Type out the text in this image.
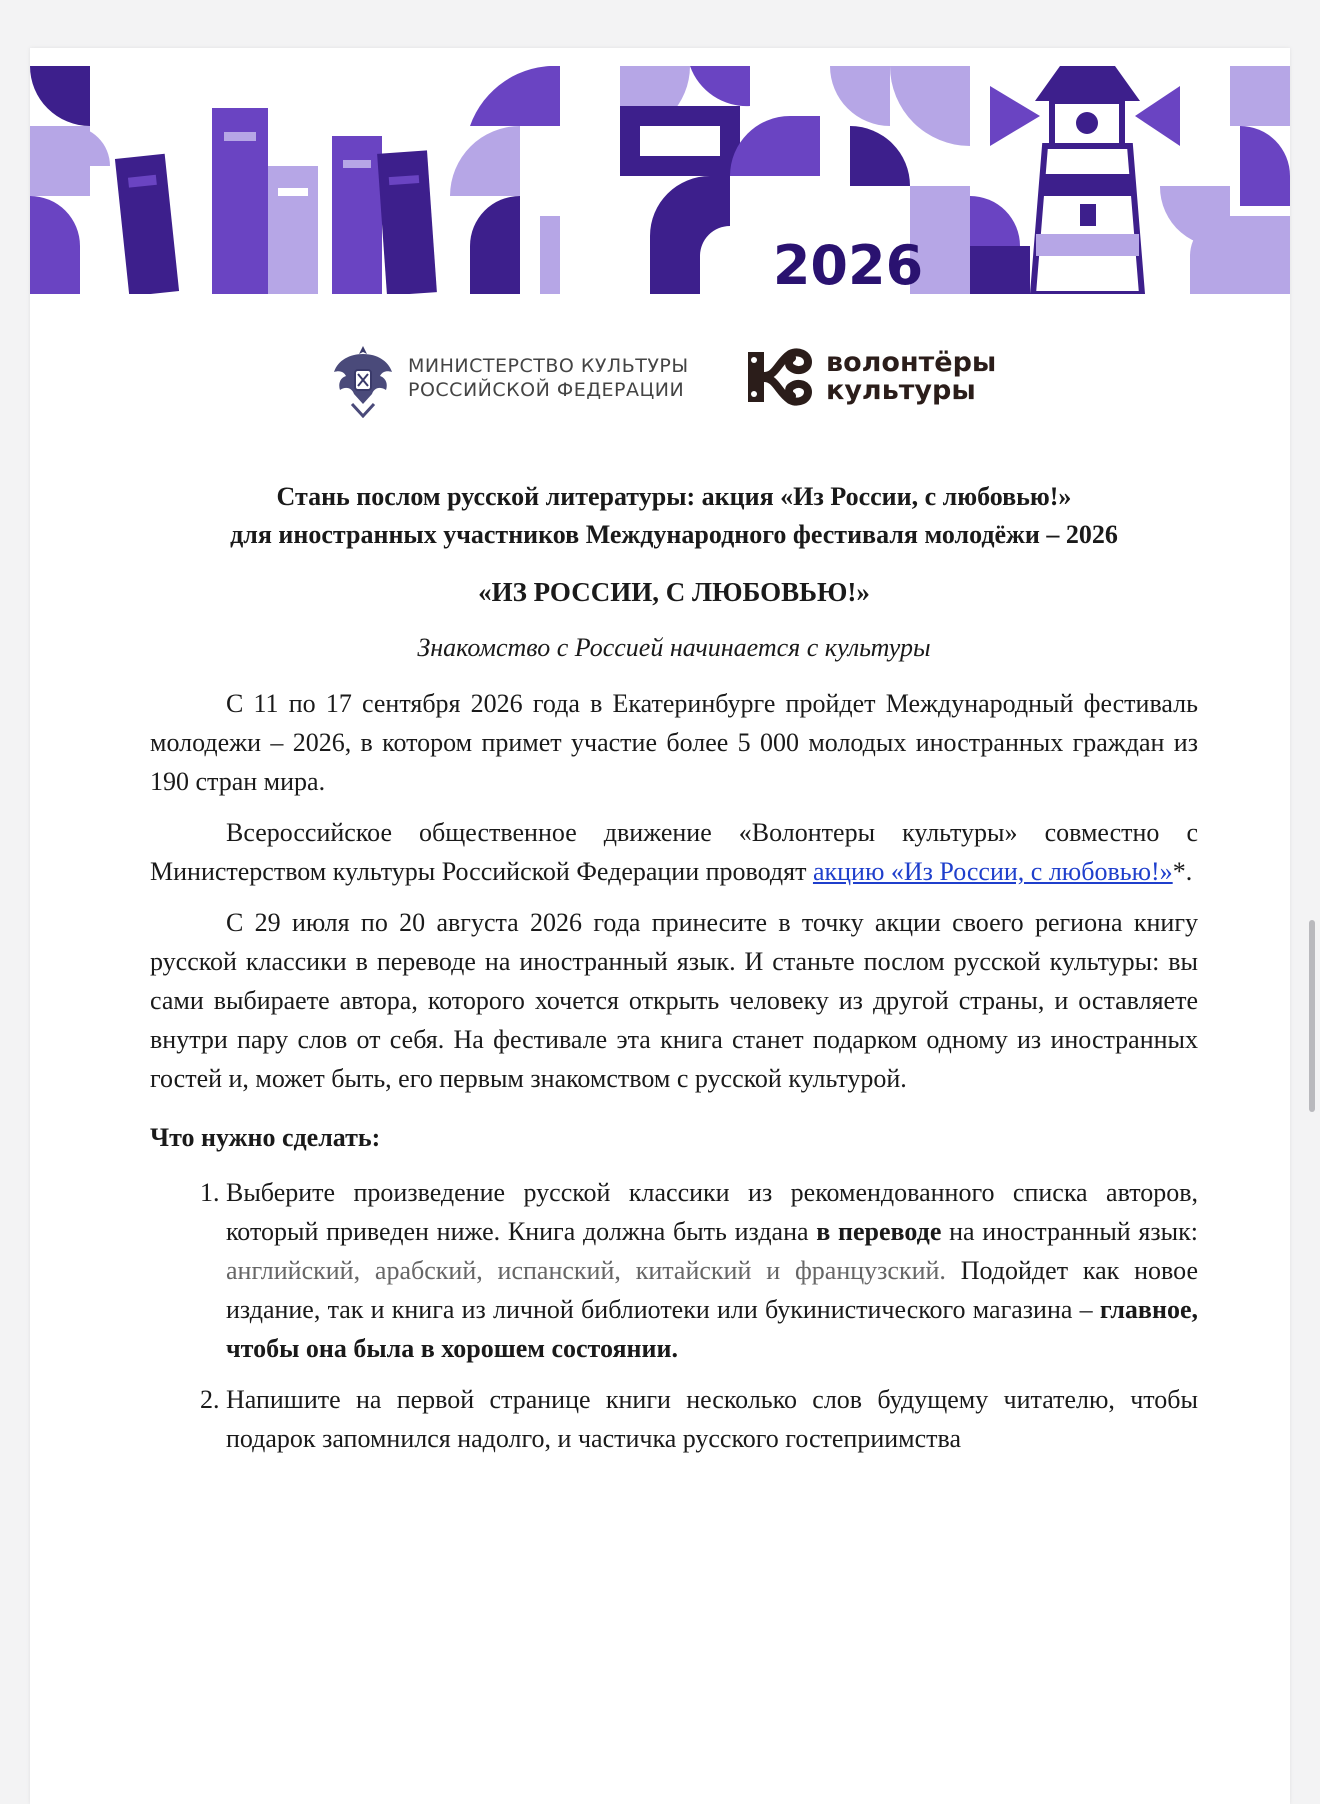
2026
МИНИСТЕРСТВО КУЛЬТУРЫ
РОССИЙСКОЙ ФЕДЕРАЦИИ
волонтёры
культуры

Стань послом русской литературы: акция «Из России, с любовью!»
для иностранных участников Международного фестиваля молодёжи – 2026

«ИЗ РОССИИ, С ЛЮБОВЬЮ!»

Знакомство с Россией начинается с культуры

С 11 по 17 сентября 2026 года в Екатеринбурге пройдет Международный фестиваль молодежи – 2026, в котором примет участие более 5 000 молодых иностранных граждан из 190 стран мира.

Всероссийское общественное движение «Волонтеры культуры» совместно с Министерством культуры Российской Федерации проводят акцию «Из России, с любовью!»*.

С 29 июля по 20 августа 2026 года принесите в точку акции своего региона книгу русской классики в переводе на иностранный язык. И станьте послом русской культуры: вы сами выбираете автора, которого хочется открыть человеку из другой страны, и оставляете внутри пару слов от себя. На фестивале эта книга станет подарком одному из иностранных гостей и, может быть, его первым знакомством с русской культурой.

Что нужно сделать:

1. Выберите произведение русской классики из рекомендованного списка авторов, который приведен ниже. Книга должна быть издана в переводе на иностранный язык: английский, арабский, испанский, китайский и французский. Подойдет как новое издание, так и книга из личной библиотеки или букинистического магазина – главное, чтобы она была в хорошем состоянии.
2. Напишите на первой странице книги несколько слов будущему читателю, чтобы подарок запомнился надолго, и частичка русского гостеприимства
